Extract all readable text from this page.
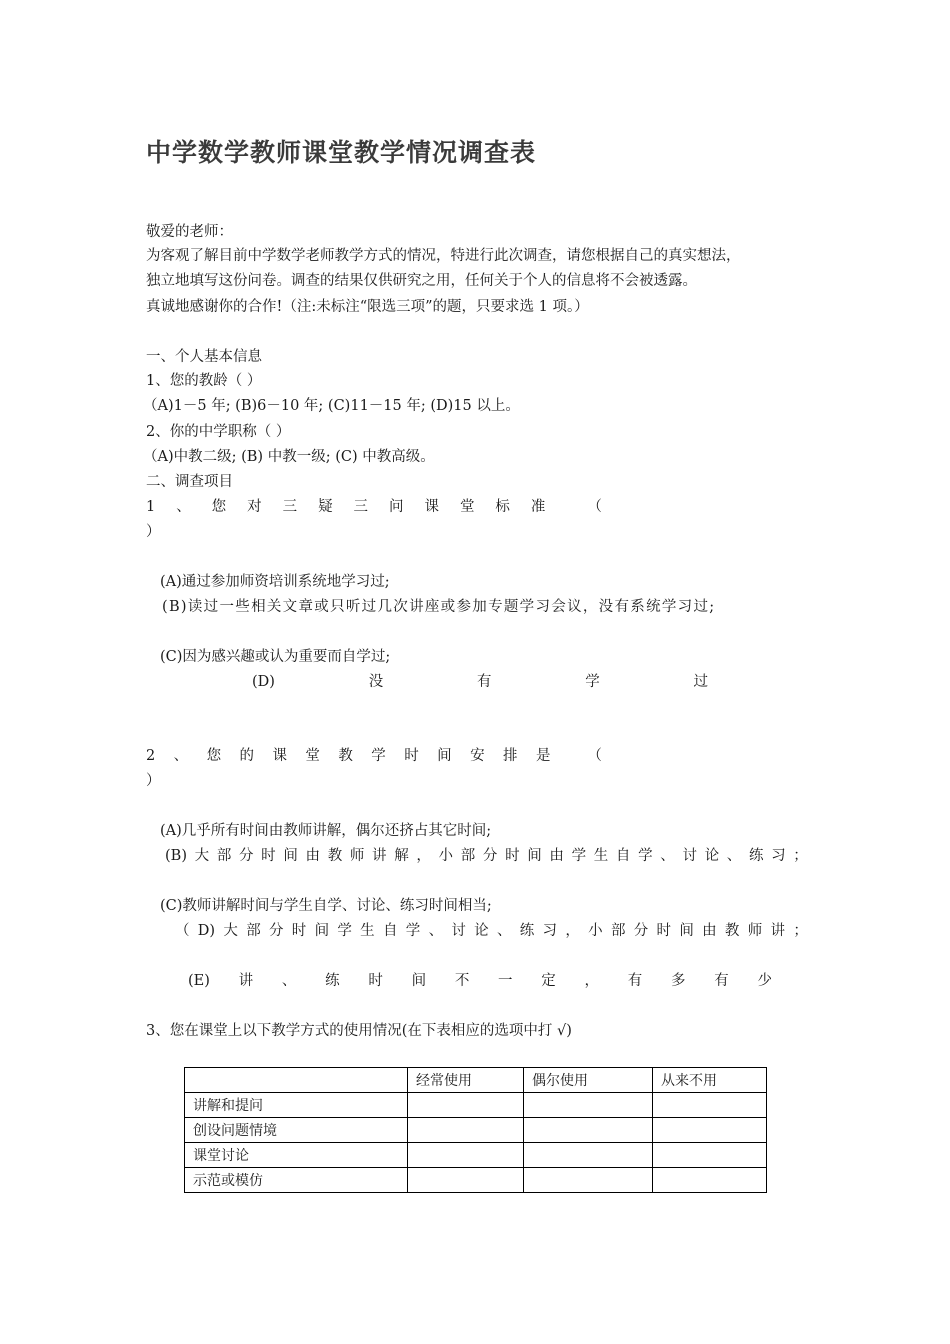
中学数学教师课堂教学情况调查表
敬爱的老师：
为客观了解目前中学数学老师教学方式的情况，特进行此次调查，请您根据自己的真实想法，
独立地填写这份问卷。调查的结果仅供研究之用，任何关于个人的信息将不会被透露。
真诚地感谢你的合作!（注:未标注“限选三项”的题，只要求选 1 项。）
一、个人基本信息
1、您的教龄（ ）
（A)1－5 年; (B)6－10 年; (C)11－15 年; (D)15 以上。
2、你的中学职称（ ）
（A)中教二级; (B) 中教一级; (C) 中教高级。
二、调查项目
1 、 您 对 三 疑 三 问 课 堂 标 准	（
）
(A)通过参加师资培训系统地学习过;
(B)读过一些相关文章或只听过几次讲座或参加专题学习会议，没有系统学习过;
(C)因为感兴趣或认为重要而自学过;
(D)	没	有	学	过
2 、 您 的 课 堂 教 学 时 间 安 排 是	（
）
(A)几乎所有时间由教师讲解，偶尔还挤占其它时间;
(B) 大 部 分 时 间 由 教 师 讲 解 ， 小 部 分 时 间 由 学 生 自 学 、 讨 论 、 练 习 ；
(C)教师讲解时间与学生自学、讨论、练习时间相当;
（ D) 大 部 分 时 间 学 生 自 学 、 讨 论 、 练 习 ， 小 部 分 时 间 由 教 师 讲 ；
(E) 讲 、 练 时 间 不 一 定 ， 有 多 有 少
3、您在课堂上以下教学方式的使用情况(在下表相应的选项中打 √)
	经常使用	偶尔使用	从来不用
讲解和提问			
创设问题情境			
课堂讨论			
示范或模仿			
